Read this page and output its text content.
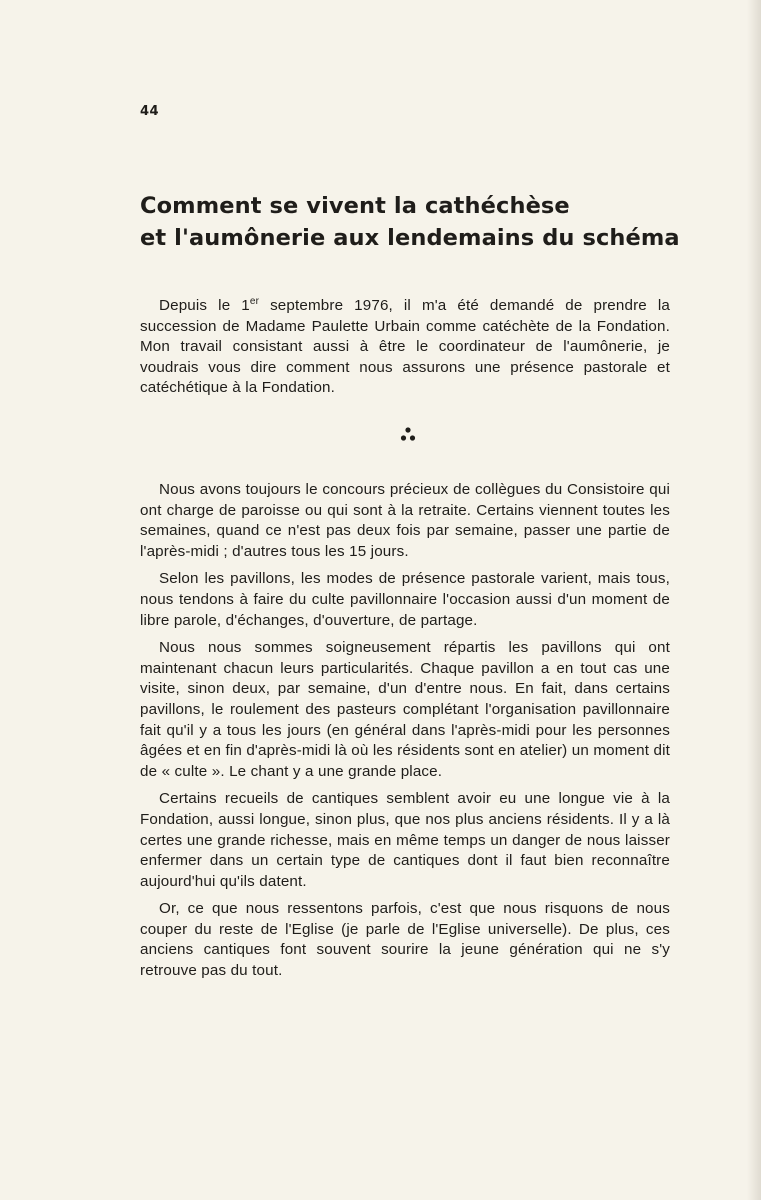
44
Comment se vivent la cathéchèse
et l'aumônerie aux lendemains du schéma

Depuis le 1er septembre 1976, il m'a été demandé de prendre la succession de Madame Paulette Urbain comme catéchète de la Fondation. Mon travail consistant aussi à être le coordinateur de l'aumônerie, je voudrais vous dire comment nous assurons une présence pastorale et catéchétique à la Fondation.

Nous avons toujours le concours précieux de collègues du Consistoire qui ont charge de paroisse ou qui sont à la retraite. Certains viennent toutes les semaines, quand ce n'est pas deux fois par semaine, passer une partie de l'après-midi ; d'autres tous les 15 jours.

Selon les pavillons, les modes de présence pastorale varient, mais tous, nous tendons à faire du culte pavillonnaire l'occasion aussi d'un moment de libre parole, d'échanges, d'ouverture, de partage.

Nous nous sommes soigneusement répartis les pavillons qui ont maintenant chacun leurs particularités. Chaque pavillon a en tout cas une visite, sinon deux, par semaine, d'un d'entre nous. En fait, dans certains pavillons, le roulement des pasteurs complétant l'organisation pavillonnaire fait qu'il y a tous les jours (en général dans l'après-midi pour les personnes âgées et en fin d'après-midi là où les résidents sont en atelier) un moment dit de « culte ». Le chant y a une grande place.

Certains recueils de cantiques semblent avoir eu une longue vie à la Fondation, aussi longue, sinon plus, que nos plus anciens résidents. Il y a là certes une grande richesse, mais en même temps un danger de nous laisser enfermer dans un certain type de cantiques dont il faut bien reconnaître aujourd'hui qu'ils datent.

Or, ce que nous ressentons parfois, c'est que nous risquons de nous couper du reste de l'Eglise (je parle de l'Eglise universelle). De plus, ces anciens cantiques font souvent sourire la jeune génération qui ne s'y retrouve pas du tout.
